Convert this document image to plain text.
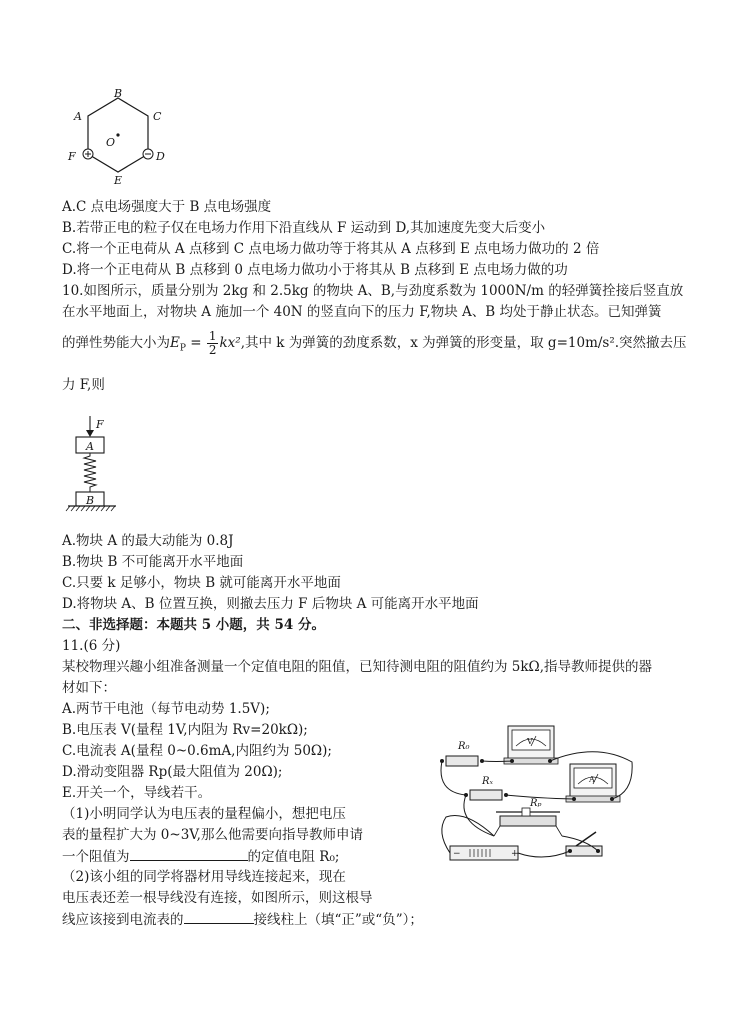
B
A	C
O
F	D
E
A.C 点电场强度大于 B 点电场强度
B.若带正电的粒子仅在电场力作用下沿直线从 F 运动到 D,其加速度先变大后变小
C.将一个正电荷从 A 点移到 C 点电场力做功等于将其从 A 点移到 E 点电场力做功的 2 倍
D.将一个正电荷从 B 点移到 0 点电场力做功小于将其从 B 点移到 E 点电场力做的功
10.如图所示，质量分别为 2kg 和 2.5kg 的物块 A、B,与劲度系数为 1000N/m 的轻弹簧拴接后竖直放
在水平地面上，对物块 A 施加一个 40N 的竖直向下的压力 F,物块 A、B 均处于静止状态。已知弹簧
的弹性势能大小为$E_P = \frac{1}{2} kx^2$,其中 k 为弹簧的劲度系数，x 为弹簧的形变量，取 g=10m/s².突然撤去压
力 F,则
F
A
B
A.物块 A 的最大动能为 0.8J
B.物块 B 不可能离开水平地面
C.只要 k 足够小，物块 B 就可能离开水平地面
D.将物块 A、B 位置互换，则撤去压力 F 后物块 A 可能离开水平地面
二、非选择题：本题共 5 小题，共 54 分。
11.(6 分)
某校物理兴趣小组准备测量一个定值电阻的阻值，已知待测电阻的阻值约为 5kΩ,指导教师提供的器
材如下：
A.两节干电池（每节电动势 1.5V);
B.电压表 V(量程 1V,内阻为 Rv=20kΩ);
C.电流表 A(量程 0~0.6mA,内阻约为 50Ω);
D.滑动变阻器 Rp(最大阻值为 20Ω);
E.开关一个，导线若干。
（1)小明同学认为电压表的量程偏小，想把电压
表的量程扩大为 0~3V,那么他需要向指导教师申请
一个阻值为	的定值电阻 R₀;
（2)该小组的同学将器材用导线连接起来，现在
电压表还差一根导线没有连接，如图所示，则这根导
线应该接到电流表的	接线柱上（填“正”或“负”）；
R₀
Rₓ
Rₚ
V
A
−	+
